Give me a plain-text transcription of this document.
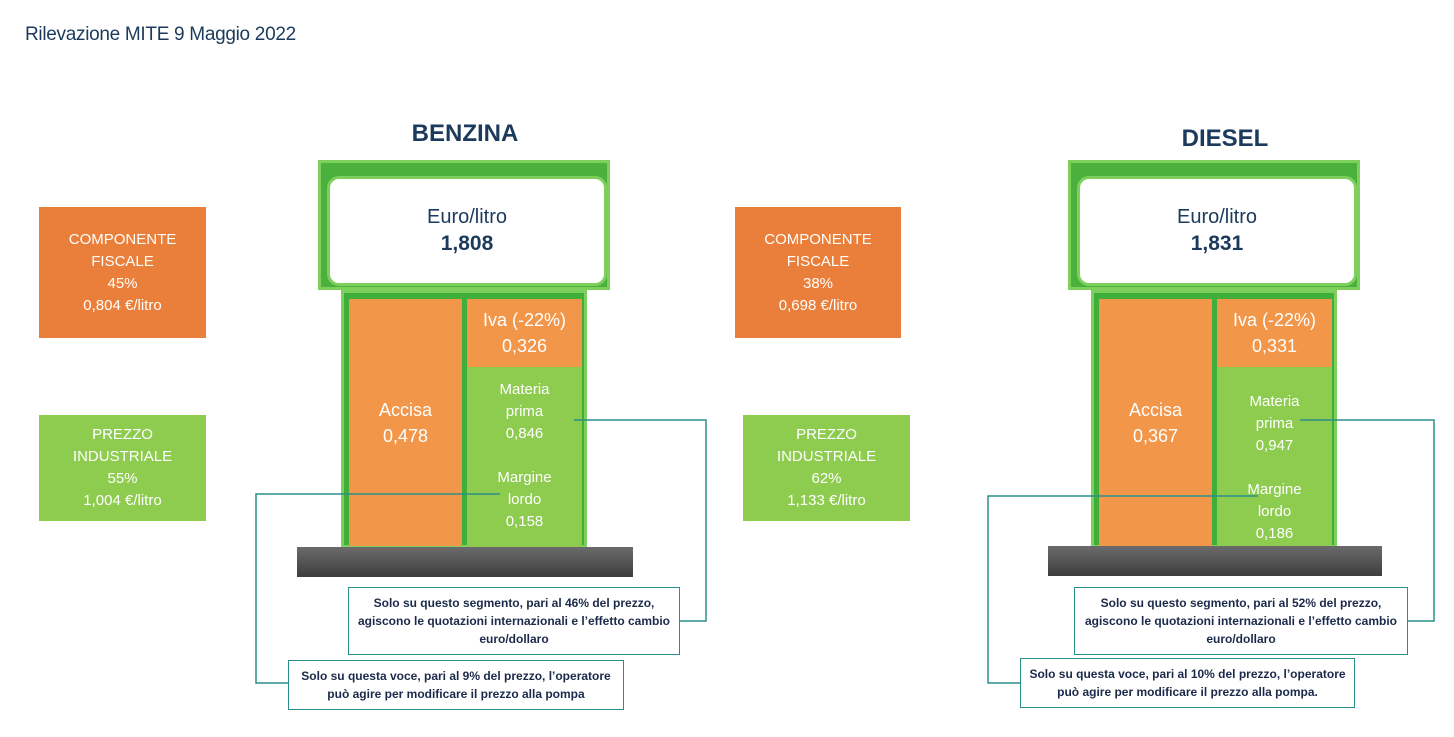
Rilevazione MITE 9 Maggio 2022
BENZINA
COMPONENTE
FISCALE
45%
0,804 €/litro
PREZZO
INDUSTRIALE
55%
1,004 €/litro
Euro/litro
1,808
Accisa
0,478
Iva (-22%)
0,326
Materia
prima
0,846
Margine
lordo
0,158
Solo su questo segmento, pari al 46% del prezzo,
agiscono le quotazioni internazionali e l’effetto cambio
euro/dollaro
Solo su questa voce, pari al 9% del prezzo, l’operatore
può agire per modificare il prezzo alla pompa
COMPONENTE
FISCALE
38%
0,698 €/litro
PREZZO
INDUSTRIALE
62%
1,133 €/litro
DIESEL
Euro/litro
1,831
Accisa
0,367
Iva (-22%)
0,331
Materia
prima
0,947
Margine
lordo
0,186
Solo su questo segmento, pari al 52% del prezzo,
agiscono le quotazioni internazionali e l’effetto cambio
euro/dollaro
Solo su questa voce, pari al 10% del prezzo, l’operatore
può agire per modificare il prezzo alla pompa.
